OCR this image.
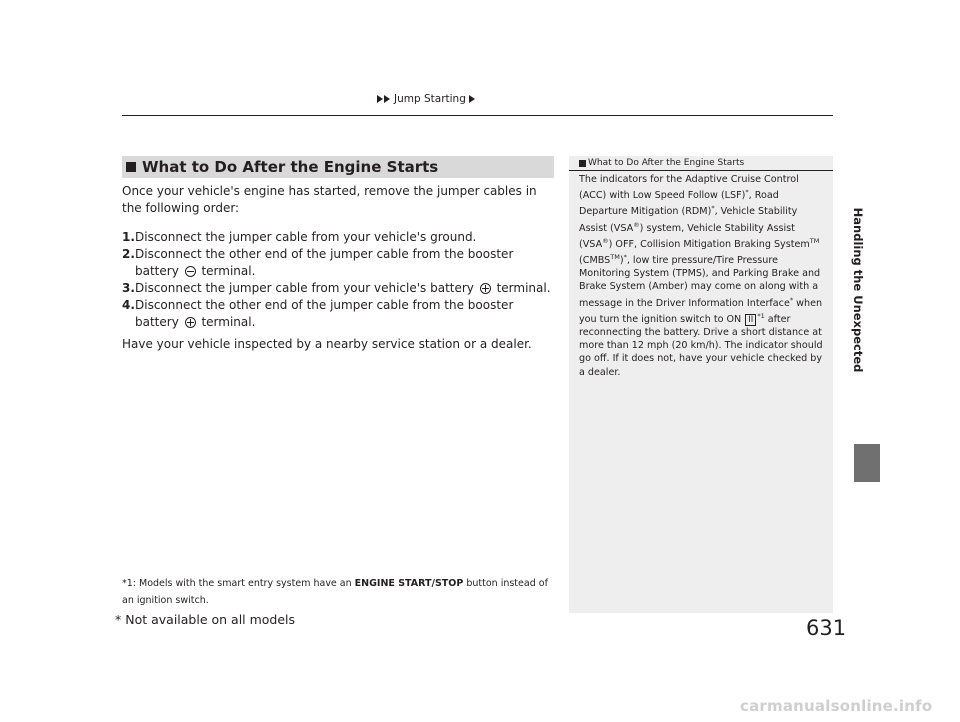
Jump Starting
Handling the Unexpected
What to Do After the Engine Starts
Once your vehicle's engine has started, remove the jumper cables in the following order:
1. Disconnect the jumper cable from your vehicle's ground.
2. Disconnect the other end of the jumper cable from the booster battery terminal.
3. Disconnect the jumper cable from your vehicle's battery terminal.
4. Disconnect the other end of the jumper cable from the booster battery terminal.
Have your vehicle inspected by a nearby service station or a dealer.
*1: Models with the smart entry system have an ENGINE START/STOP button instead of an ignition switch.
What to Do After the Engine Starts
The indicators for the Adaptive Cruise Control (ACC) with Low Speed Follow (LSF)*, Road Departure Mitigation (RDM)*, Vehicle Stability Assist (VSA®) system, Vehicle Stability Assist (VSA®) OFF, Collision Mitigation Braking System™ (CMBS™)*, low tire pressure/Tire Pressure Monitoring System (TPMS), and Parking Brake and Brake System (Amber) may come on along with a message in the Driver Information Interface* when you turn the ignition switch to ON II $^{*1}$ after reconnecting the battery. Drive a short distance at more than 12 mph (20 km/h). The indicator should go off. If it does not, have your vehicle checked by a dealer.
* Not available on all models	631
carmanualsonline.info
